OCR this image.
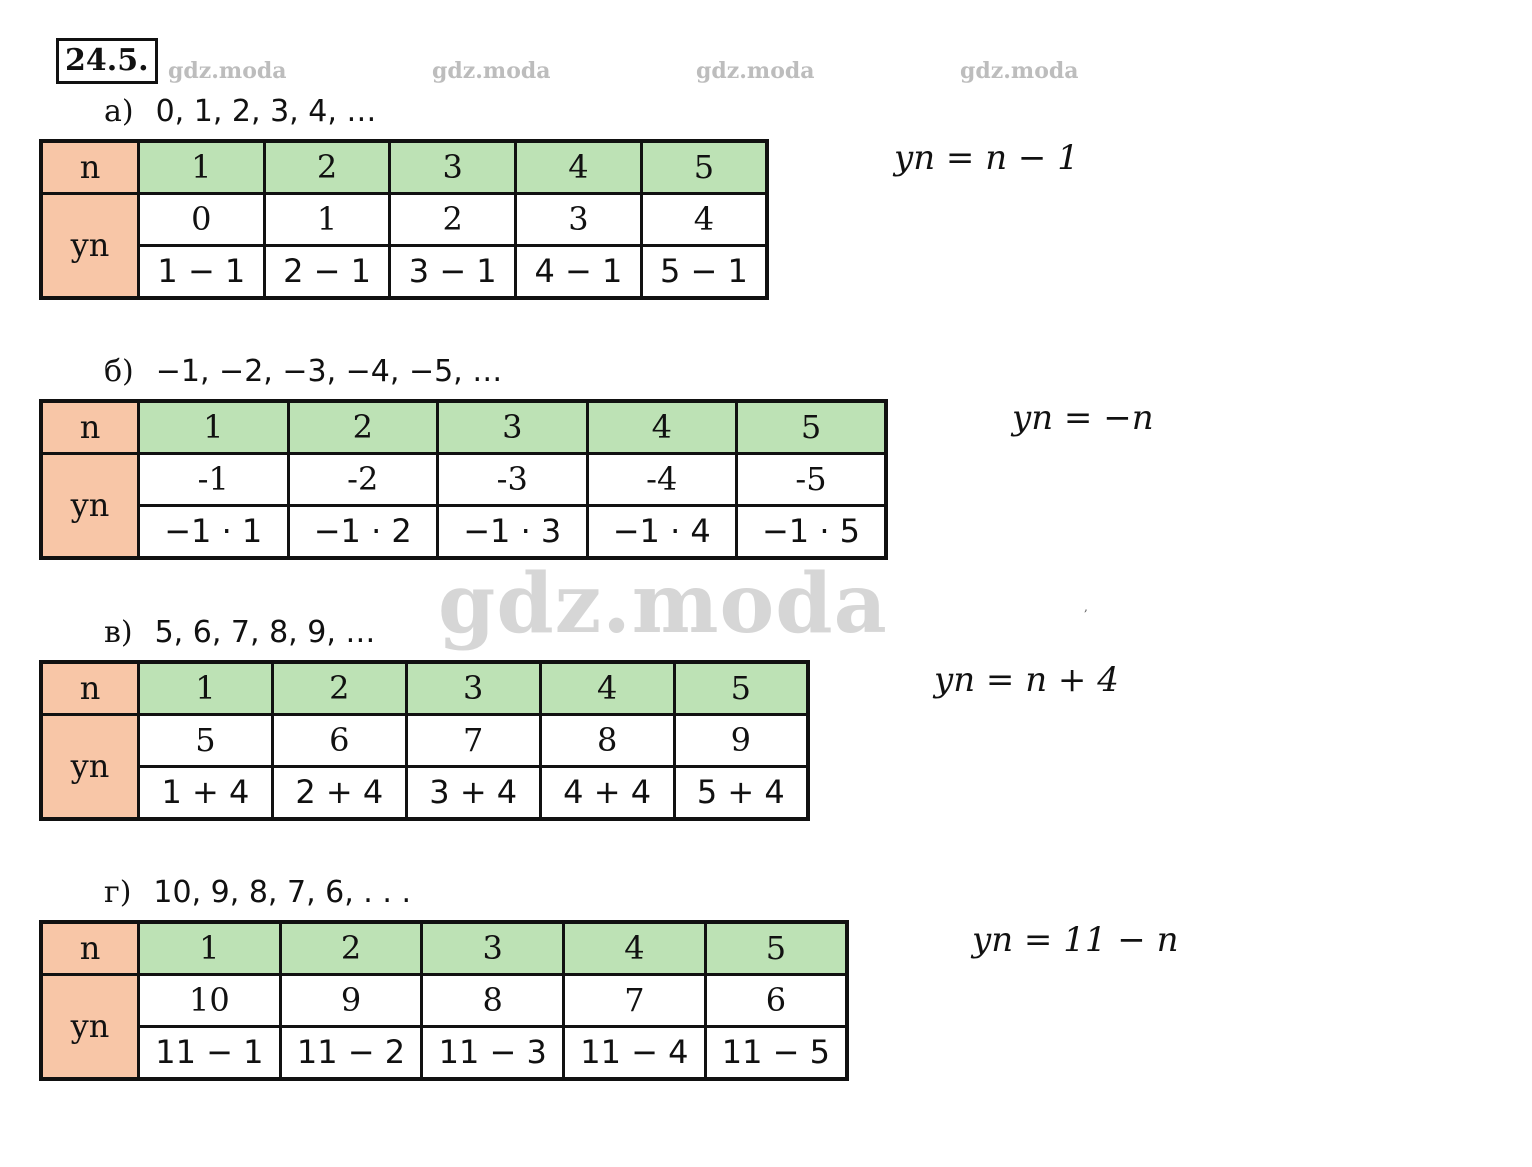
24.5. gdz.moda	gdz.moda	gdz.moda	gdz.moda
а) 0, 1, 2, 3, 4, …
n	1	2	3	4	5
yn	0	1	2	3	4
	1 − 1	2 − 1	3 − 1	4 − 1	5 − 1
yn = n − 1
б) −1, −2, −3, −4, −5, …
n	1	2	3	4	5
yn	-1	-2	-3	-4	-5
	−1 · 1	−1 · 2	−1 · 3	−1 · 4	−1 · 5
yn = −n
gdz.moda	,
в) 5, 6, 7, 8, 9, …
n	1	2	3	4	5
yn	5	6	7	8	9
	1 + 4	2 + 4	3 + 4	4 + 4	5 + 4
yn = n + 4
г) 10, 9, 8, 7, 6, . . .
n	1	2	3	4	5
yn	10	9	8	7	6
	11 − 1	11 − 2	11 − 3	11 − 4	11 − 5
yn = 11 − n
